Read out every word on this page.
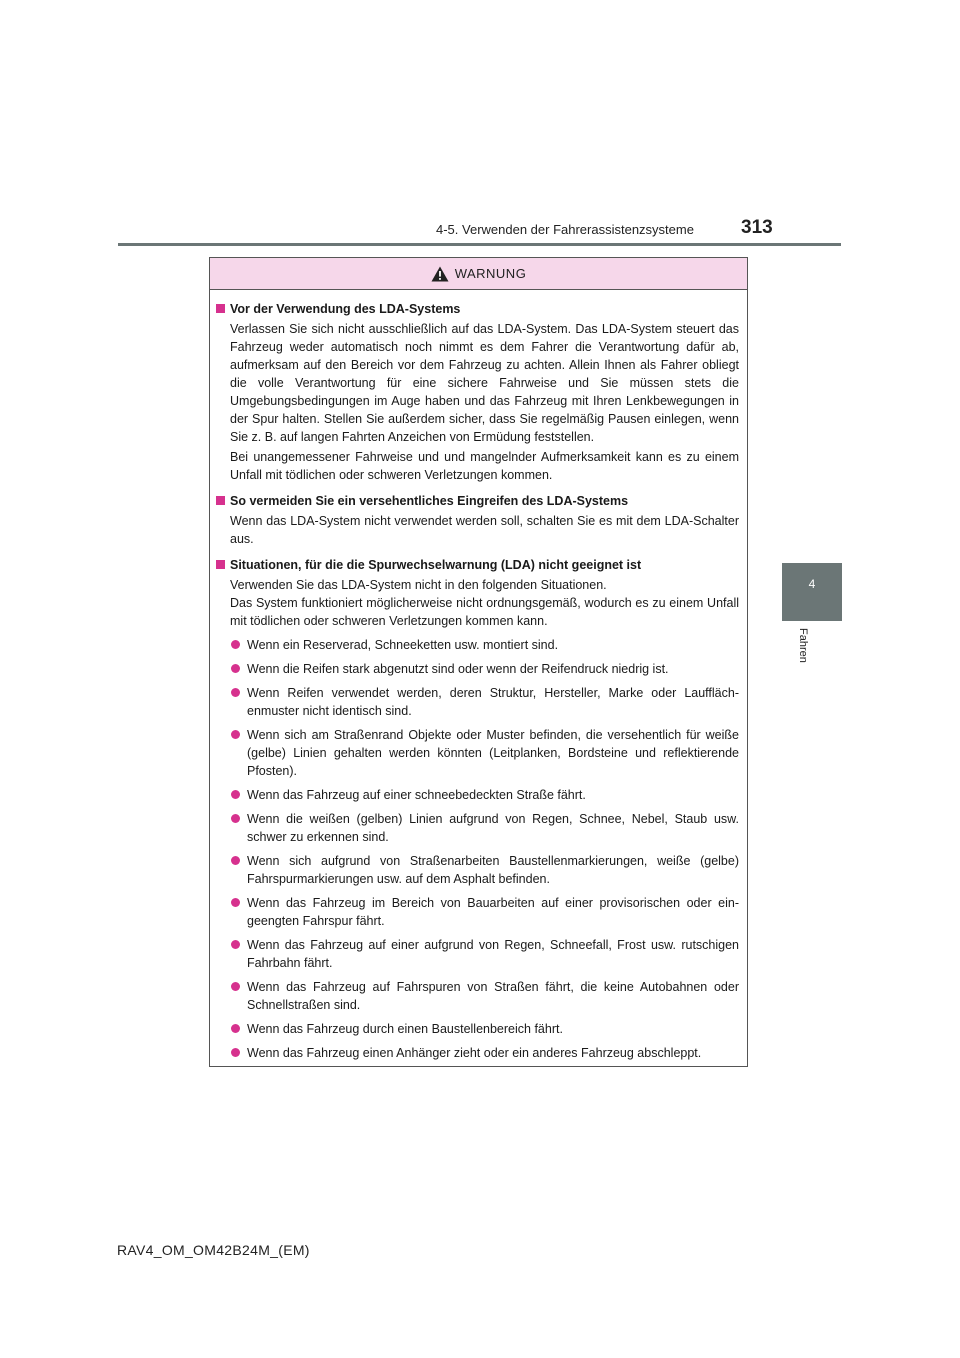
4-5. Verwenden der Fahrerassistenzsysteme 313
4
Fahren
WARNUNG
Vor der Verwendung des LDA-Systems
Verlassen Sie sich nicht ausschließlich auf das LDA-System. Das LDA-System steuert das Fahrzeug weder automatisch noch nimmt es dem Fahrer die Verantwortung dafür ab, aufmerksam auf den Bereich vor dem Fahrzeug zu achten. Allein Ihnen als Fahrer obliegt die volle Verantwortung für eine sichere Fahrweise und Sie müssen stets die Umgebungsbedingungen im Auge haben und das Fahrzeug mit Ihren Lenkbewegungen in der Spur halten. Stellen Sie außerdem sicher, dass Sie regelmäßig Pausen einlegen, wenn Sie z. B. auf langen Fahrten Anzeichen von Ermüdung feststellen.
Bei unangemessener Fahrweise und und mangelnder Aufmerksamkeit kann es zu einem Unfall mit tödlichen oder schweren Verletzungen kommen.
So vermeiden Sie ein versehentliches Eingreifen des LDA-Systems
Wenn das LDA-System nicht verwendet werden soll, schalten Sie es mit dem LDA-Schalter aus.
Situationen, für die die Spurwechselwarnung (LDA) nicht geeignet ist
Verwenden Sie das LDA-System nicht in den folgenden Situationen.
Das System funktioniert möglicherweise nicht ordnungsgemäß, wodurch es zu einem Unfall mit tödlichen oder schweren Verletzungen kommen kann.
Wenn ein Reserverad, Schneeketten usw. montiert sind.
Wenn die Reifen stark abgenutzt sind oder wenn der Reifendruck niedrig ist.
Wenn Reifen verwendet werden, deren Struktur, Hersteller, Marke oder Laufflächenmuster nicht identisch sind.
Wenn sich am Straßenrand Objekte oder Muster befinden, die versehentlich für weiße (gelbe) Linien gehalten werden könnten (Leitplanken, Bordsteine und reflektierende Pfosten).
Wenn das Fahrzeug auf einer schneebedeckten Straße fährt.
Wenn die weißen (gelben) Linien aufgrund von Regen, Schnee, Nebel, Staub usw. schwer zu erkennen sind.
Wenn sich aufgrund von Straßenarbeiten Baustellenmarkierungen, weiße (gelbe) Fahrspurmarkierungen usw. auf dem Asphalt befinden.
Wenn das Fahrzeug im Bereich von Bauarbeiten auf einer provisorischen oder eingeengten Fahrspur fährt.
Wenn das Fahrzeug auf einer aufgrund von Regen, Schneefall, Frost usw. rutschigen Fahrbahn fährt.
Wenn das Fahrzeug auf Fahrspuren von Straßen fährt, die keine Autobahnen oder Schnellstraßen sind.
Wenn das Fahrzeug durch einen Baustellenbereich fährt.
Wenn das Fahrzeug einen Anhänger zieht oder ein anderes Fahrzeug abschleppt.
RAV4_OM_OM42B24M_(EM)
